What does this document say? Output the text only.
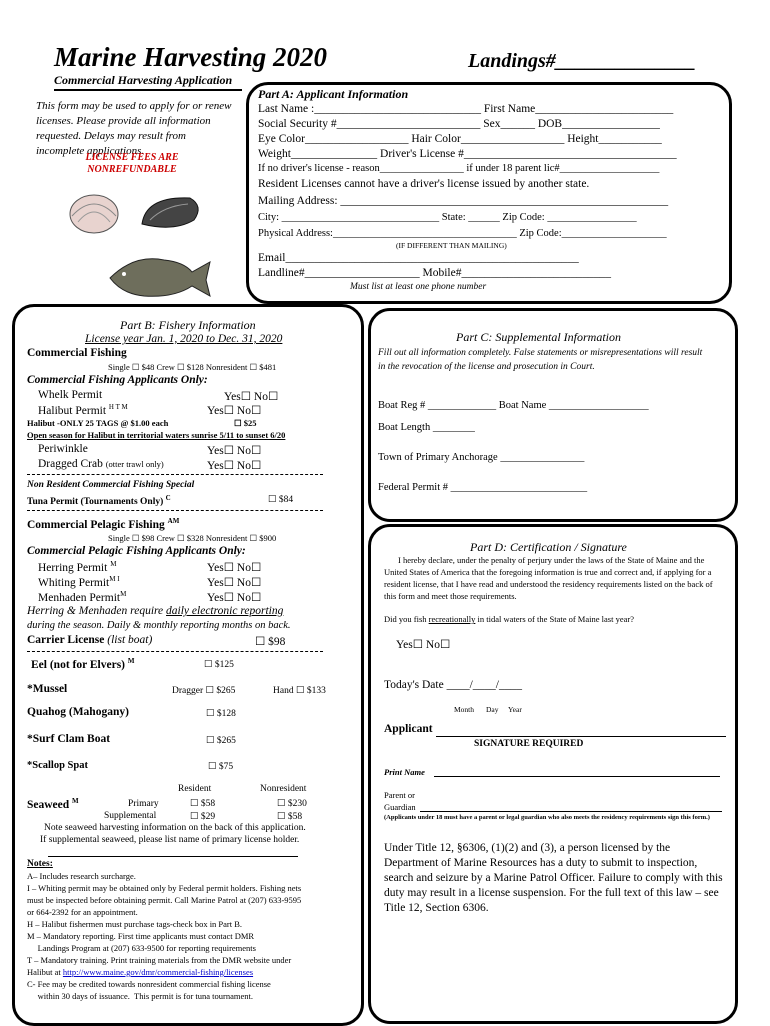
Marine Harvesting 2020	Landings#______________
Commercial Harvesting Application
This form may be used to apply for or renew licenses. Please provide all information requested. Delays may result from incomplete applications.
LICENSE FEES ARE
NONREFUNDABLE
Part A: Applicant Information
Last Name :_____________________________ First Name________________________
Social Security #_________________________ Sex______ DOB_________________
Eye Color__________________ Hair Color__________________ Height___________
Weight_______________ Driver's License #_____________________________________
If no driver's license - reason________________ if under 18 parent lic#___________________
Resident Licenses cannot have a driver's license issued by another state.
Mailing Address: _________________________________________________________
City: ______________________________ State: ______ Zip Code: _________________
Physical Address:___________________________________ Zip Code:____________________
(IF DIFFERENT THAN MAILING)
Email___________________________________________________
Landline#____________________ Mobile#__________________________
Must list at least one phone number
Part B: Fishery Information
License year Jan. 1, 2020 to Dec. 31, 2020
Commercial Fishing
Single ☐ $48 Crew ☐ $128 Nonresident ☐ $481
Commercial Fishing Applicants Only:
Whelk Permit	Yes☐ No☐
Halibut Permit $^{H T M}$	Yes☐ No☐
Halibut -ONLY 25 TAGS @ $1.00 each	☐ $25
Open season for Halibut in territorial waters sunrise 5/11 to sunset 6/20
Periwinkle	Yes☐ No☐
Dragged Crab (otter trawl only)	Yes☐ No☐
Non Resident Commercial Fishing Special
Tuna Permit (Tournaments Only) $^C$	☐ $84
Commercial Pelagic Fishing $^{AM}$
Single ☐ $98 Crew ☐ $328 Nonresident ☐ $900
Commercial Pelagic Fishing Applicants Only:
Herring Permit $^M$	Yes☐ No☐
Whiting Permit$^{M I}$	Yes☐ No☐
Menhaden Permit$^M$	Yes☐ No☐
Herring & Menhaden require daily electronic reporting
during the season. Daily & monthly reporting months on back.
Carrier License (list boat)	☐ $98
Eel (not for Elvers) $^M$	☐ $125
*Mussel	Dragger ☐ $265	Hand ☐ $133
Quahog (Mahogany)	☐ $128
*Surf Clam Boat	☐ $265
*Scallop Spat	☐ $75
Resident	Nonresident
Seaweed $^M$	Primary	☐ $58	☐ $230
Supplemental	☐ $29	☐ $58
Note seaweed harvesting information on the back of this application.
If supplemental seaweed, please list name of primary license holder.
Notes:
A– Includes research surcharge.
I – Whiting permit may be obtained only by Federal permit holders. Fishing nets
must be inspected before obtaining permit. Call Marine Patrol at (207) 633-9595
or 664-2392 for an appointment.
H – Halibut fishermen must purchase tags-check box in Part B.
M – Mandatory reporting. First time applicants must contact DMR
Landings Program at (207) 633-9500 for reporting requirements
T – Mandatory training. Print training materials from the DMR website under
Halibut at http://www.maine.gov/dmr/commercial-fishing/licenses
C- Fee may be credited towards nonresident commercial fishing license
within 30 days of issuance.  This permit is for tuna tournament.
Part C: Supplemental Information
Fill out all information completely. False statements or misrepresentations will result in the revocation of the license and prosecution in Court.
Boat Reg # _____________ Boat Name ___________________
Boat Length ________
Town of Primary Anchorage ________________
Federal Permit # __________________________
Part D: Certification / Signature
I hereby declare, under the penalty of perjury under the laws of the State of Maine and the United States of America that the foregoing information is true and correct and, if applying for a resident license, that I have read and understood the residency requirements listed on the back of this form and meet those requirements.
Did you fish recreationally in tidal waters of the State of Maine last year?
Yes☐ No☐
Today's Date ____/____/____
Month Day Year
Applicant
SIGNATURE REQUIRED
Print Name
Parent or
Guardian
(Applicants under 18 must have a parent or legal guardian who also meets the residency requirements sign this form.)
Under Title 12, §6306, (1)(2) and (3), a person licensed by the Department of Marine Resources has a duty to submit to inspection, search and seizure by a Marine Patrol Officer. Failure to comply with this duty may result in a license suspension. For the full text of this law – see Title 12, Section 6306.
